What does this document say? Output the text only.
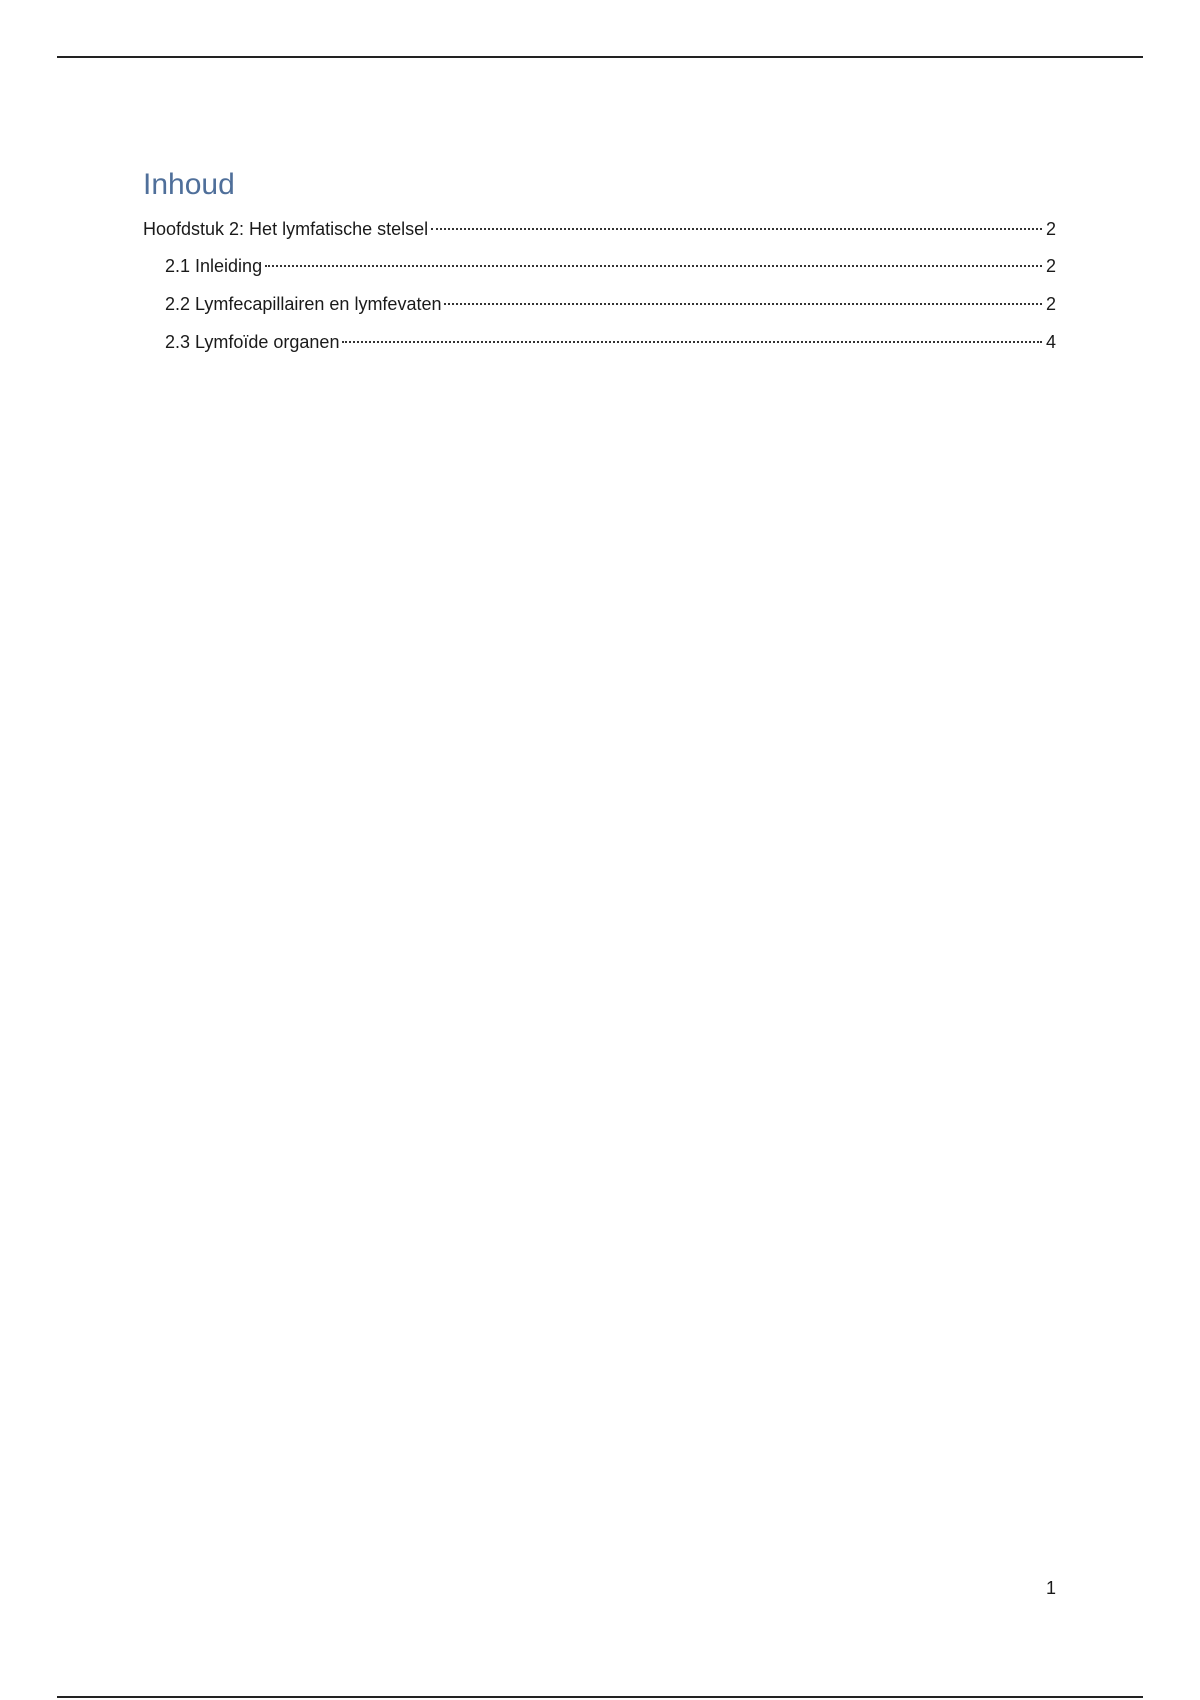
Inhoud
Hoofdstuk 2: Het lymfatische stelsel	2
2.1 Inleiding	2
2.2 Lymfecapillairen en lymfevaten	2
2.3 Lymfoïde organen	4
1
